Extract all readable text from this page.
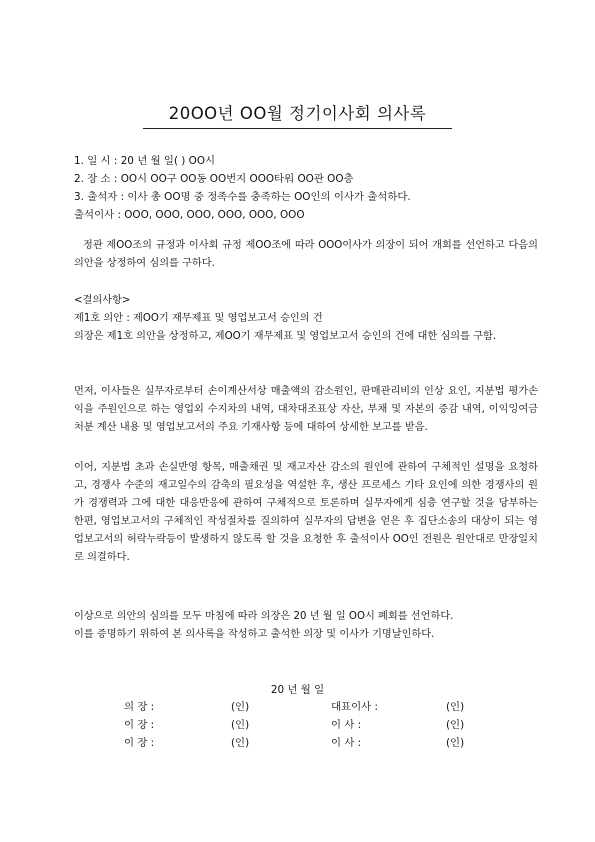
20ОО년 ОО월 정기이사회 의사록
1. 일 시 : 20 년 월 일( ) ОО시
2. 장 소 : ОО시 ОО구 ОО동 ОО번지 ООО타워 ОО관 ОО층
3. 출석자 : 이사 총 ОО명 중 정족수를 충족하는 ОО인의 이사가 출석하다.
출석이사 : ООО, ООО, ООО, ООО, ООО, ООО
정관 제ОО조의 규정과 이사회 규정 제ОО조에 따라 ООО이사가 의장이 되어 개회를 선언하고 다음의 의안을 상정하여 심의를 구하다.

<결의사항>

제1호 의안 : 제ОО기 재무제표 및 영업보고서 승인의 건

의장은 제1호 의안을 상정하고, 제ОО기 재무제표 및 영업보고서 승인의 건에 대한 심의를 구함.

먼저, 이사들은 실무자로부터 손이계산서상 매출액의 감소원인, 판매관리비의 인상 요인, 지분법 평가손익을 주원인으로 하는 영업외 수지차의 내역, 대차대조표상 자산, 부채 및 자본의 증감 내역, 이익잉여금 처분 계산 내용 및 영업보고서의 주요 기재사항 등에 대하여 상세한 보고를 받음.
이어, 지분법 초과 손실반영 항목, 매출채권 및 재고자산 감소의 원인에 관하여 구체적인 설명을 요청하고, 경쟁사 수준의 재고일수의 감축의 필요성을 역설한 후, 생산 프로세스 기타 요인에 의한 경쟁사의 원가 경쟁력과 그에 대한 대응반응에 관하여 구체적으로 토론하며 실무자에게 심층 연구할 것을 당부하는 한편, 영업보고서의 구체적인 작성절차를 질의하여 실무자의 답변을 얻은 후 집단소송의 대상이 되는 영업보고서의 허락누락등이 발생하지 않도록 할 것을 요청한 후 출석이사 ОО인 전원은 원안대로 만장일치로 의결하다.

이상으로 의안의 심의를 모두 마침에 따라 의장은 20 년 월 일 ОО시 폐회를 선언하다.

이를 증명하기 위하여 본 의사록을 작성하고 출석한 의장 및 이사가 기명날인하다.

20 년 월 일
의 장 :	(인)	대표이사 :	(인)
이 장 :	(인)	이 사 :	(인)
이 장 :	(인)	이 사 :	(인)
